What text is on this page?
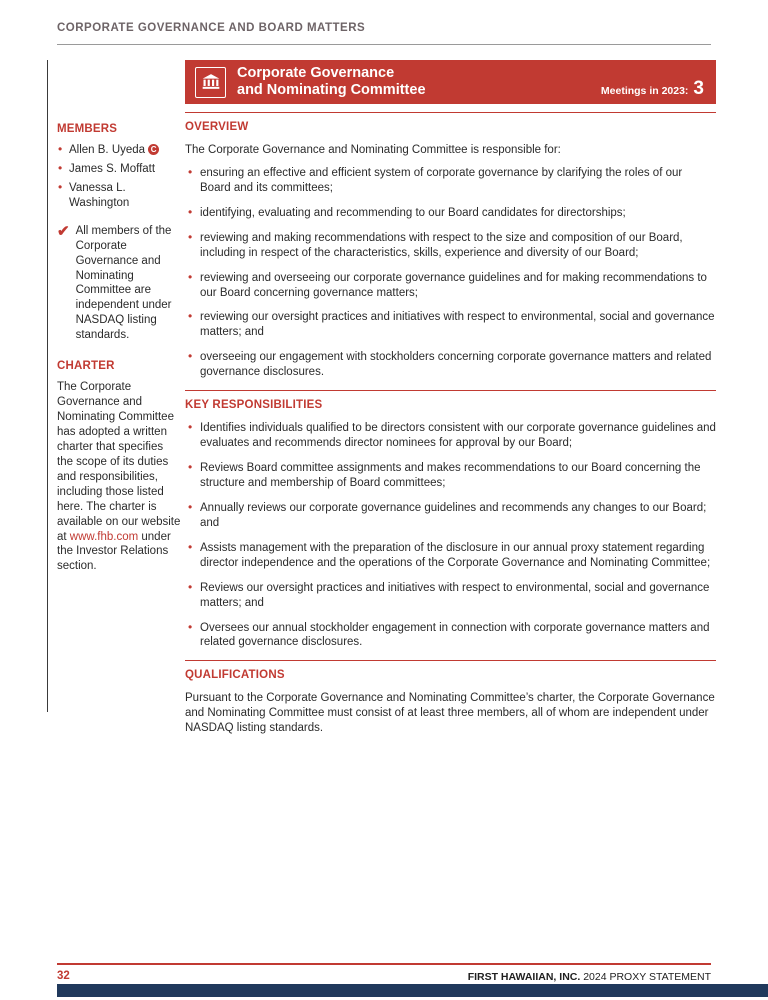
CORPORATE GOVERNANCE AND BOARD MATTERS
MEMBERS
• Allen B. Uyeda C
• James S. Moffatt
• Vanessa L. Washington
✔ All members of the Corporate Governance and Nominating Committee are independent under NASDAQ listing standards.

CHARTER

The Corporate Governance and Nominating Committee has adopted a written charter that specifies the scope of its duties and responsibilities, including those listed here. The charter is available on our website at www.fhb.com under the Investor Relations section.

Corporate Governance
and Nominating Committee	Meetings in 2023: 3
OVERVIEW

The Corporate Governance and Nominating Committee is responsible for:

• ensuring an effective and efficient system of corporate governance by clarifying the roles of our Board and its committees;
• identifying, evaluating and recommending to our Board candidates for directorships;
• reviewing and making recommendations with respect to the size and composition of our Board, including in respect of the characteristics, skills, experience and diversity of our Board;
• reviewing and overseeing our corporate governance guidelines and for making recommendations to our Board concerning governance matters;
• reviewing our oversight practices and initiatives with respect to environmental, social and governance matters; and
• overseeing our engagement with stockholders concerning corporate governance matters and related governance disclosures.
KEY RESPONSIBILITIES
• Identifies individuals qualified to be directors consistent with our corporate governance guidelines and evaluates and recommends director nominees for approval by our Board;
• Reviews Board committee assignments and makes recommendations to our Board concerning the structure and membership of Board committees;
• Annually reviews our corporate governance guidelines and recommends any changes to our Board; and
• Assists management with the preparation of the disclosure in our annual proxy statement regarding director independence and the operations of the Corporate Governance and Nominating Committee;
• Reviews our oversight practices and initiatives with respect to environmental, social and governance matters; and
• Oversees our annual stockholder engagement in connection with corporate governance matters and related governance disclosures.
QUALIFICATIONS

Pursuant to the Corporate Governance and Nominating Committee’s charter, the Corporate Governance and Nominating Committee must consist of at least three members, all of whom are independent under NASDAQ listing standards.

32	FIRST HAWAIIAN, INC. 2024 PROXY STATEMENT
